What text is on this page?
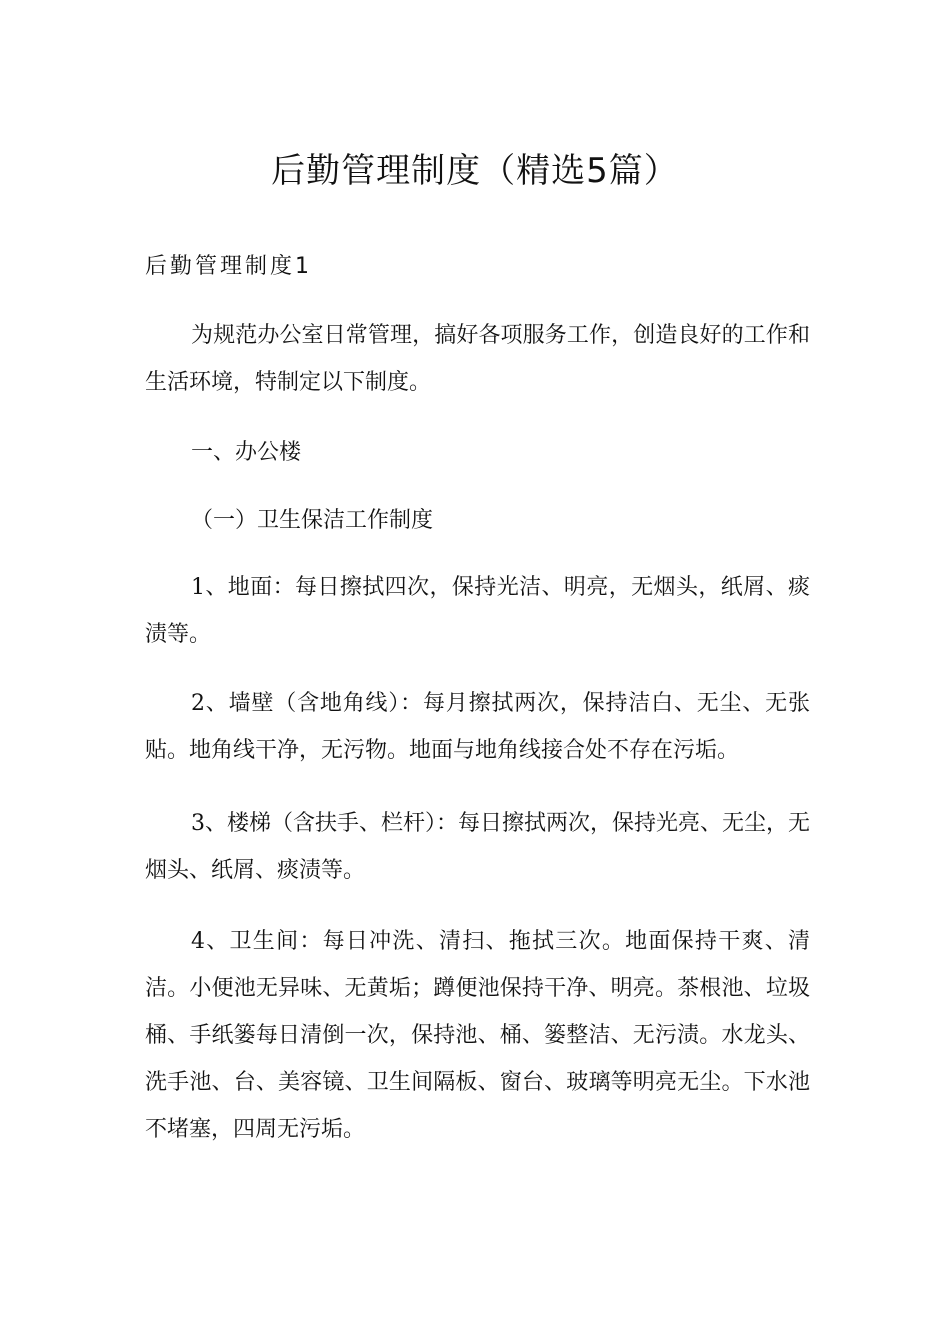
后勤管理制度（精选5篇）
后勤管理制度1

为规范办公室日常管理，搞好各项服务工作，创造良好的工作和生活环境，特制定以下制度。

一、办公楼

（一）卫生保洁工作制度

1、地面：每日擦拭四次，保持光洁、明亮，无烟头，纸屑、痰渍等。

2、墙壁（含地角线）：每月擦拭两次，保持洁白、无尘、无张贴。地角线干净，无污物。地面与地角线接合处不存在污垢。

3、楼梯（含扶手、栏杆）：每日擦拭两次，保持光亮、无尘，无烟头、纸屑、痰渍等。

4、卫生间：每日冲洗、清扫、拖拭三次。地面保持干爽、清洁。小便池无异味、无黄垢；蹲便池保持干净、明亮。茶根池、垃圾桶、手纸篓每日清倒一次，保持池、桶、篓整洁、无污渍。水龙头、洗手池、台、美容镜、卫生间隔板、窗台、玻璃等明亮无尘。下水池不堵塞，四周无污垢。
